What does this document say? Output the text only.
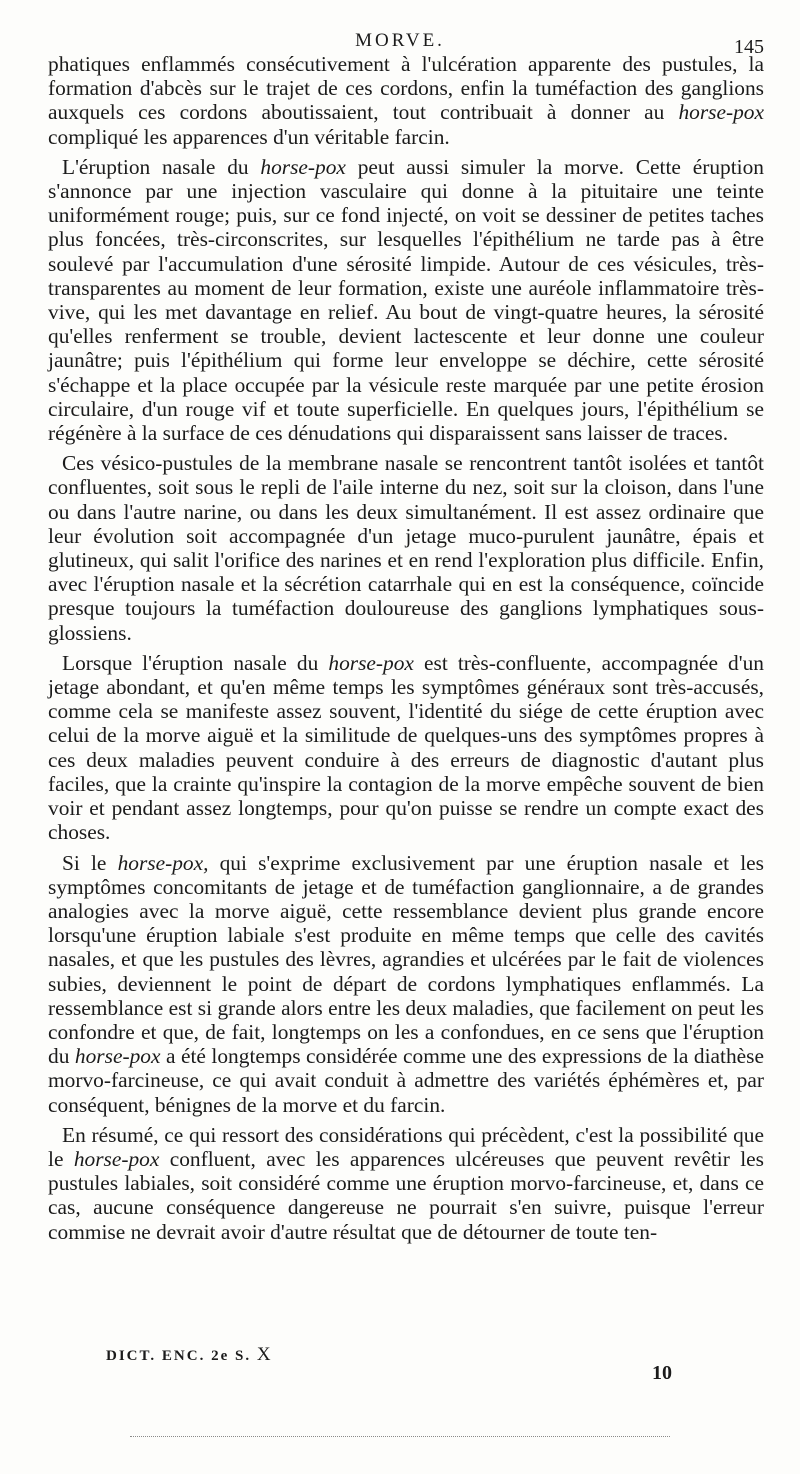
MORVE.	145

phatiques enflammés consécutivement à l'ulcération apparente des pustules, la formation d'abcès sur le trajet de ces cordons, enfin la tuméfaction des ganglions auxquels ces cordons aboutissaient, tout contribuait à donner au horse-pox compliqué les apparences d'un véritable farcin.

L'éruption nasale du horse-pox peut aussi simuler la morve. Cette éruption s'annonce par une injection vasculaire qui donne à la pituitaire une teinte uniformément rouge; puis, sur ce fond injecté, on voit se dessiner de petites taches plus foncées, très-circonscrites, sur lesquelles l'épithélium ne tarde pas à être soulevé par l'accumulation d'une sérosité limpide. Autour de ces vésicules, très-transparentes au moment de leur formation, existe une auréole inflammatoire très-vive, qui les met davantage en relief. Au bout de vingt-quatre heures, la sérosité qu'elles renferment se trouble, devient lactescente et leur donne une couleur jaunâtre; puis l'épithélium qui forme leur enveloppe se déchire, cette sérosité s'échappe et la place occupée par la vésicule reste marquée par une petite érosion circulaire, d'un rouge vif et toute superficielle. En quelques jours, l'épithélium se régénère à la surface de ces dénudations qui disparaissent sans laisser de traces.

Ces vésico-pustules de la membrane nasale se rencontrent tantôt isolées et tantôt confluentes, soit sous le repli de l'aile interne du nez, soit sur la cloison, dans l'une ou dans l'autre narine, ou dans les deux simultanément. Il est assez ordinaire que leur évolution soit accompagnée d'un jetage muco-purulent jaunâtre, épais et glutineux, qui salit l'orifice des narines et en rend l'exploration plus difficile. Enfin, avec l'éruption nasale et la sécrétion catarrhale qui en est la conséquence, coïncide presque toujours la tuméfaction douloureuse des ganglions lymphatiques sous-glossiens.

Lorsque l'éruption nasale du horse-pox est très-confluente, accompagnée d'un jetage abondant, et qu'en même temps les symptômes généraux sont très-accusés, comme cela se manifeste assez souvent, l'identité du siége de cette éruption avec celui de la morve aiguë et la similitude de quelques-uns des symptômes propres à ces deux maladies peuvent conduire à des erreurs de diagnostic d'autant plus faciles, que la crainte qu'inspire la contagion de la morve empêche souvent de bien voir et pendant assez longtemps, pour qu'on puisse se rendre un compte exact des choses.

Si le horse-pox, qui s'exprime exclusivement par une éruption nasale et les symptômes concomitants de jetage et de tuméfaction ganglionnaire, a de grandes analogies avec la morve aiguë, cette ressemblance devient plus grande encore lorsqu'une éruption labiale s'est produite en même temps que celle des cavités nasales, et que les pustules des lèvres, agrandies et ulcérées par le fait de violences subies, deviennent le point de départ de cordons lymphatiques enflammés. La ressemblance est si grande alors entre les deux maladies, que facilement on peut les confondre et que, de fait, longtemps on les a confondues, en ce sens que l'éruption du horse-pox a été longtemps considérée comme une des expressions de la diathèse morvo-farcineuse, ce qui avait conduit à admettre des variétés éphémères et, par conséquent, bénignes de la morve et du farcin.

En résumé, ce qui ressort des considérations qui précèdent, c'est la possibilité que le horse-pox confluent, avec les apparences ulcéreuses que peuvent revêtir les pustules labiales, soit considéré comme une éruption morvo-farcineuse, et, dans ce cas, aucune conséquence dangereuse ne pourrait s'en suivre, puisque l'erreur commise ne devrait avoir d'autre résultat que de détourner de toute ten-

DICT. ENC. 2e S. X
10
